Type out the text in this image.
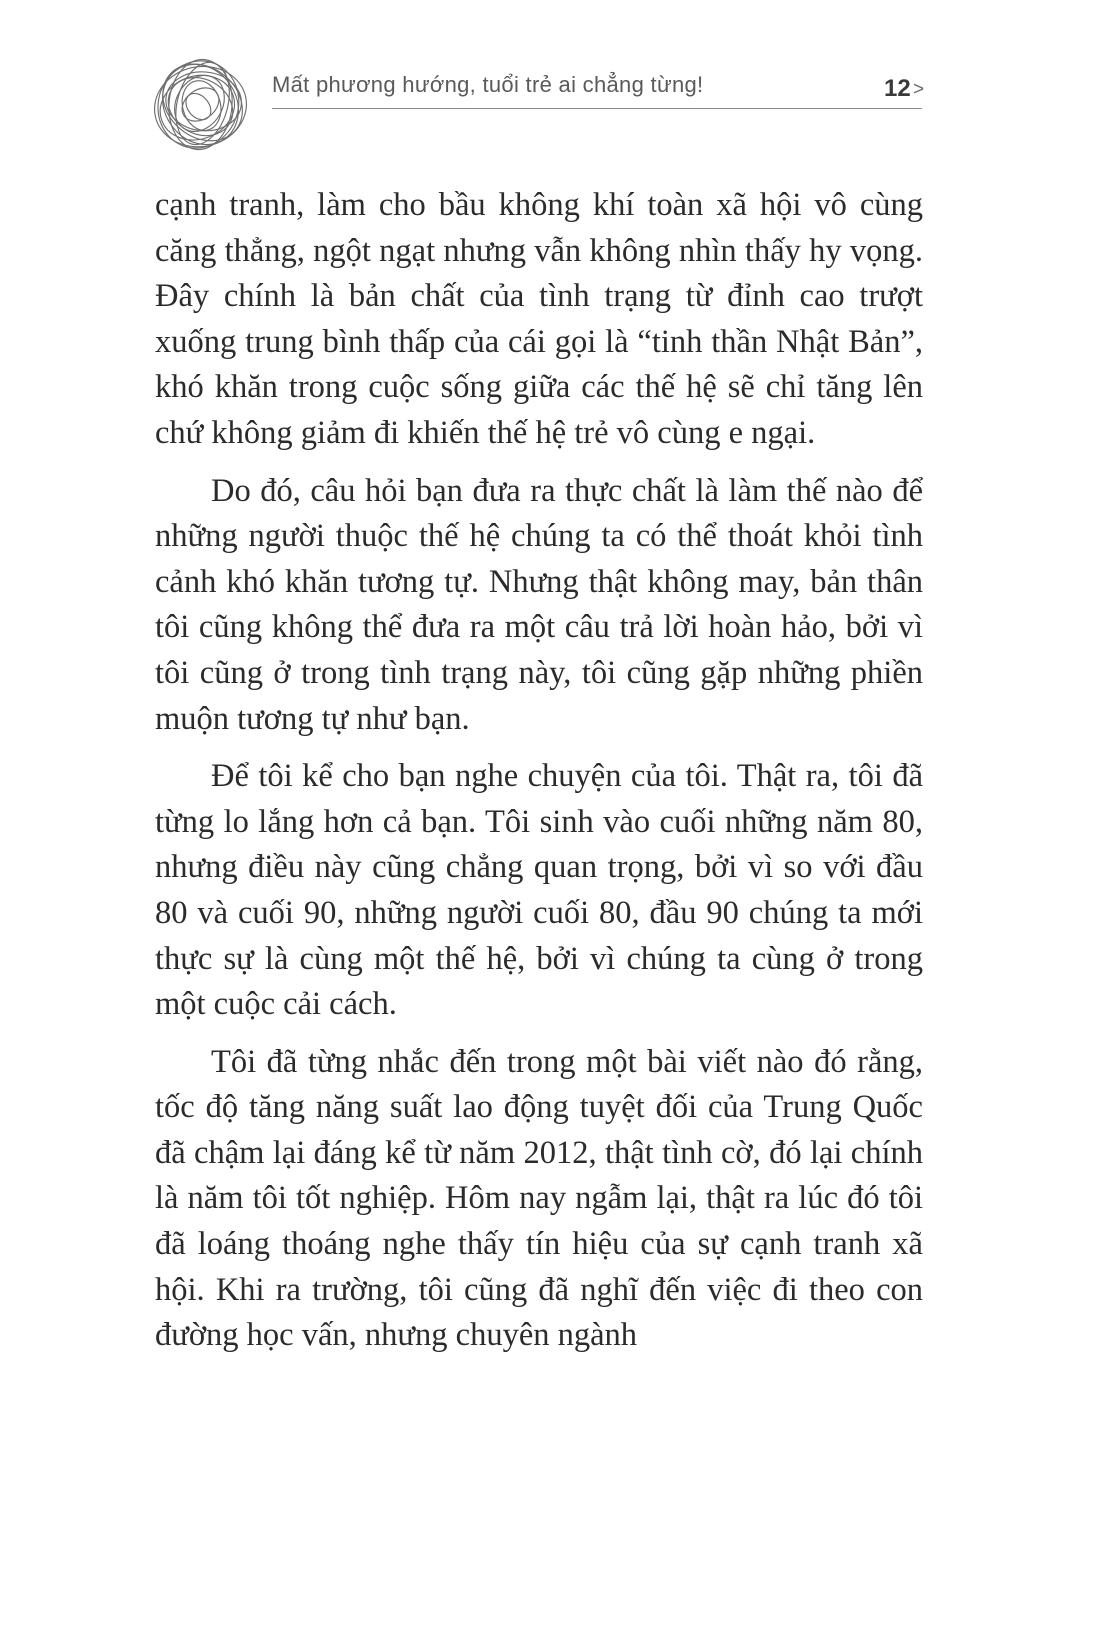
Mất phương hướng, tuổi trẻ ai chẳng từng!	12 >

cạnh tranh, làm cho bầu không khí toàn xã hội vô cùng căng thẳng, ngột ngạt nhưng vẫn không nhìn thấy hy vọng. Đây chính là bản chất của tình trạng từ đỉnh cao trượt xuống trung bình thấp của cái gọi là “tinh thần Nhật Bản”, khó khăn trong cuộc sống giữa các thế hệ sẽ chỉ tăng lên chứ không giảm đi khiến thế hệ trẻ vô cùng e ngại.

Do đó, câu hỏi bạn đưa ra thực chất là làm thế nào để những người thuộc thế hệ chúng ta có thể thoát khỏi tình cảnh khó khăn tương tự. Nhưng thật không may, bản thân tôi cũng không thể đưa ra một câu trả lời hoàn hảo, bởi vì tôi cũng ở trong tình trạng này, tôi cũng gặp những phiền muộn tương tự như bạn.

Để tôi kể cho bạn nghe chuyện của tôi. Thật ra, tôi đã từng lo lắng hơn cả bạn. Tôi sinh vào cuối những năm 80, nhưng điều này cũng chẳng quan trọng, bởi vì so với đầu 80 và cuối 90, những người cuối 80, đầu 90 chúng ta mới thực sự là cùng một thế hệ, bởi vì chúng ta cùng ở trong một cuộc cải cách.

Tôi đã từng nhắc đến trong một bài viết nào đó rằng, tốc độ tăng năng suất lao động tuyệt đối của Trung Quốc đã chậm lại đáng kể từ năm 2012, thật tình cờ, đó lại chính là năm tôi tốt nghiệp. Hôm nay ngẫm lại, thật ra lúc đó tôi đã loáng thoáng nghe thấy tín hiệu của sự cạnh tranh xã hội. Khi ra trường, tôi cũng đã nghĩ đến việc đi theo con đường học vấn, nhưng chuyên ngành
